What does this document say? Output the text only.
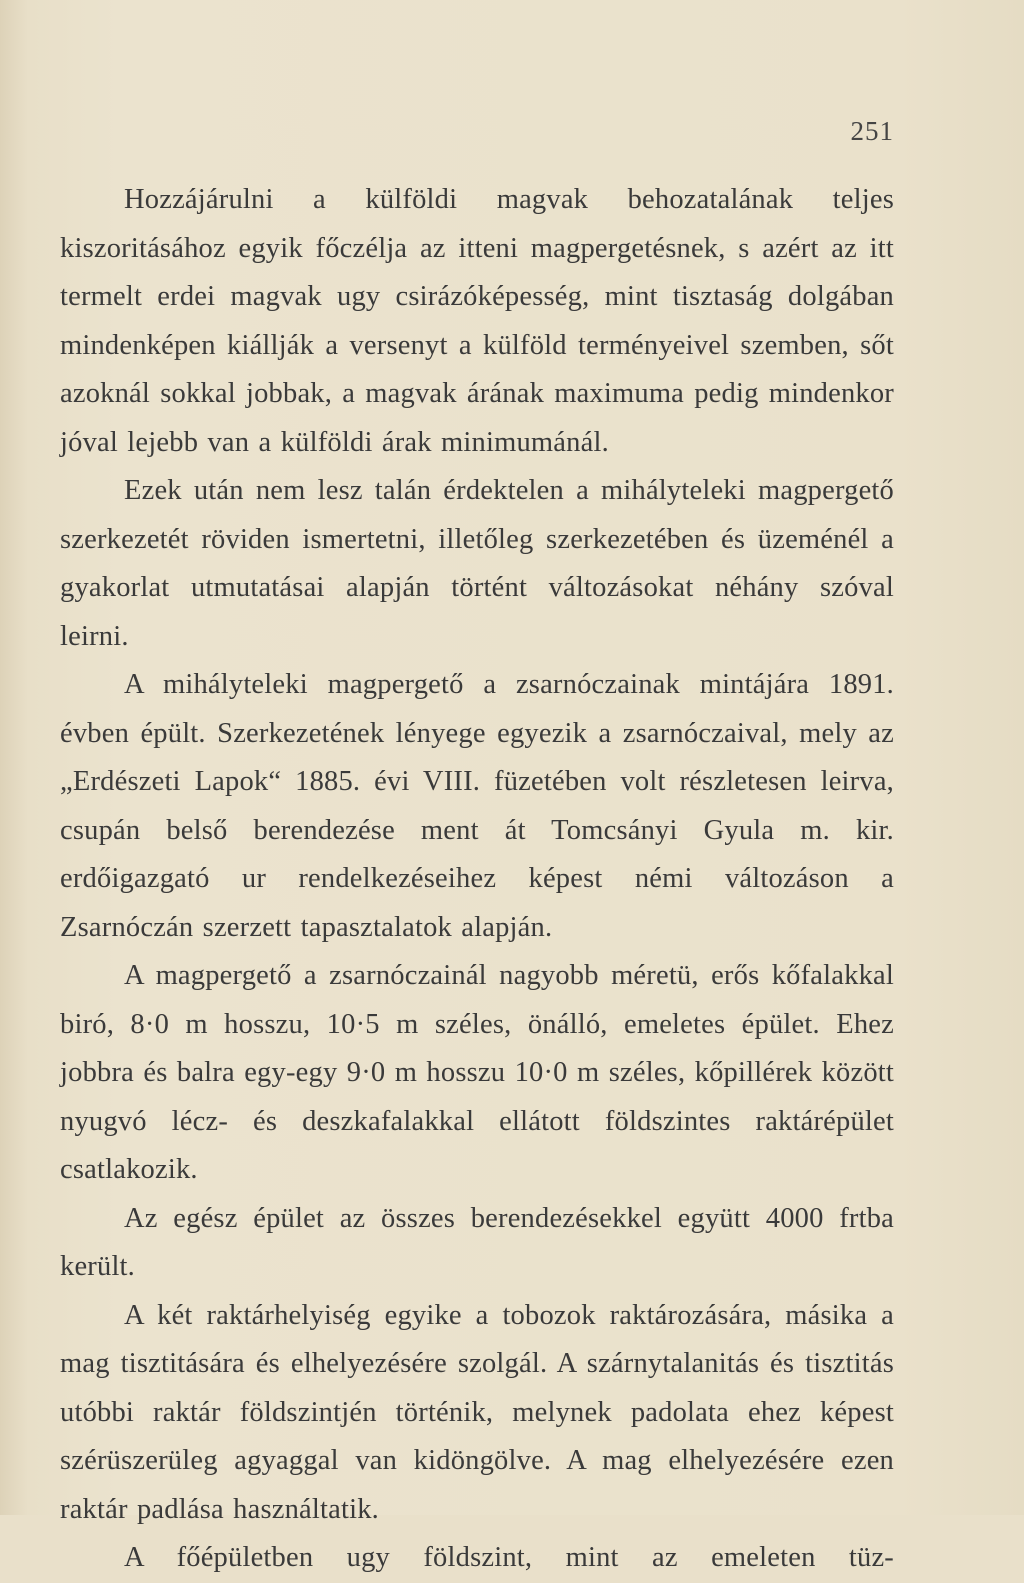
251

Hozzájárulni a külföldi magvak behozatalának teljes kiszoritásához egyik főczélja az itteni magpergetésnek, s azért az itt termelt erdei magvak ugy csirázóképesség, mint tisztaság dolgában mindenképen kiállják a versenyt a külföld terményeivel szemben, sőt azoknál sokkal jobbak, a magvak árának maximuma pedig mindenkor jóval lejebb van a külföldi árak minimumánál.

Ezek után nem lesz talán érdektelen a mihályteleki magpergető szerkezetét röviden ismertetni, illetőleg szerkezetében és üzeménél a gyakorlat utmutatásai alapján történt változásokat néhány szóval leirni.

A mihályteleki magpergető a zsarnóczainak mintájára 1891. évben épült. Szerkezetének lényege egyezik a zsarnóczaival, mely az „Erdészeti Lapok“ 1885. évi VIII. füzetében volt részletesen leirva, csupán belső berendezése ment át Tomcsányi Gyula m. kir. erdőigazgató ur rendelkezéseihez képest némi változáson a Zsarnóczán szerzett tapasztalatok alapján.

A magpergető a zsarnóczainál nagyobb méretü, erős kőfalakkal biró, 8·0 m hosszu, 10·5 m széles, önálló, emeletes épület. Ehez jobbra és balra egy-egy 9·0 m hosszu 10·0 m széles, kőpillérek között nyugvó lécz- és deszkafalakkal ellátott földszintes raktárépület csatlakozik.

Az egész épület az összes berendezésekkel együtt 4000 frtba került.

A két raktárhelyiség egyike a tobozok raktározására, másika a mag tisztitására és elhelyezésére szolgál. A szárnytalanitás és tisztitás utóbbi raktár földszintjén történik, melynek padolata ehez képest szérüszerüleg agyaggal van kidöngölve. A mag elhelyezésére ezen raktár padlása használtatik.

A főépületben ugy földszint, mint az emeleten tüz-
